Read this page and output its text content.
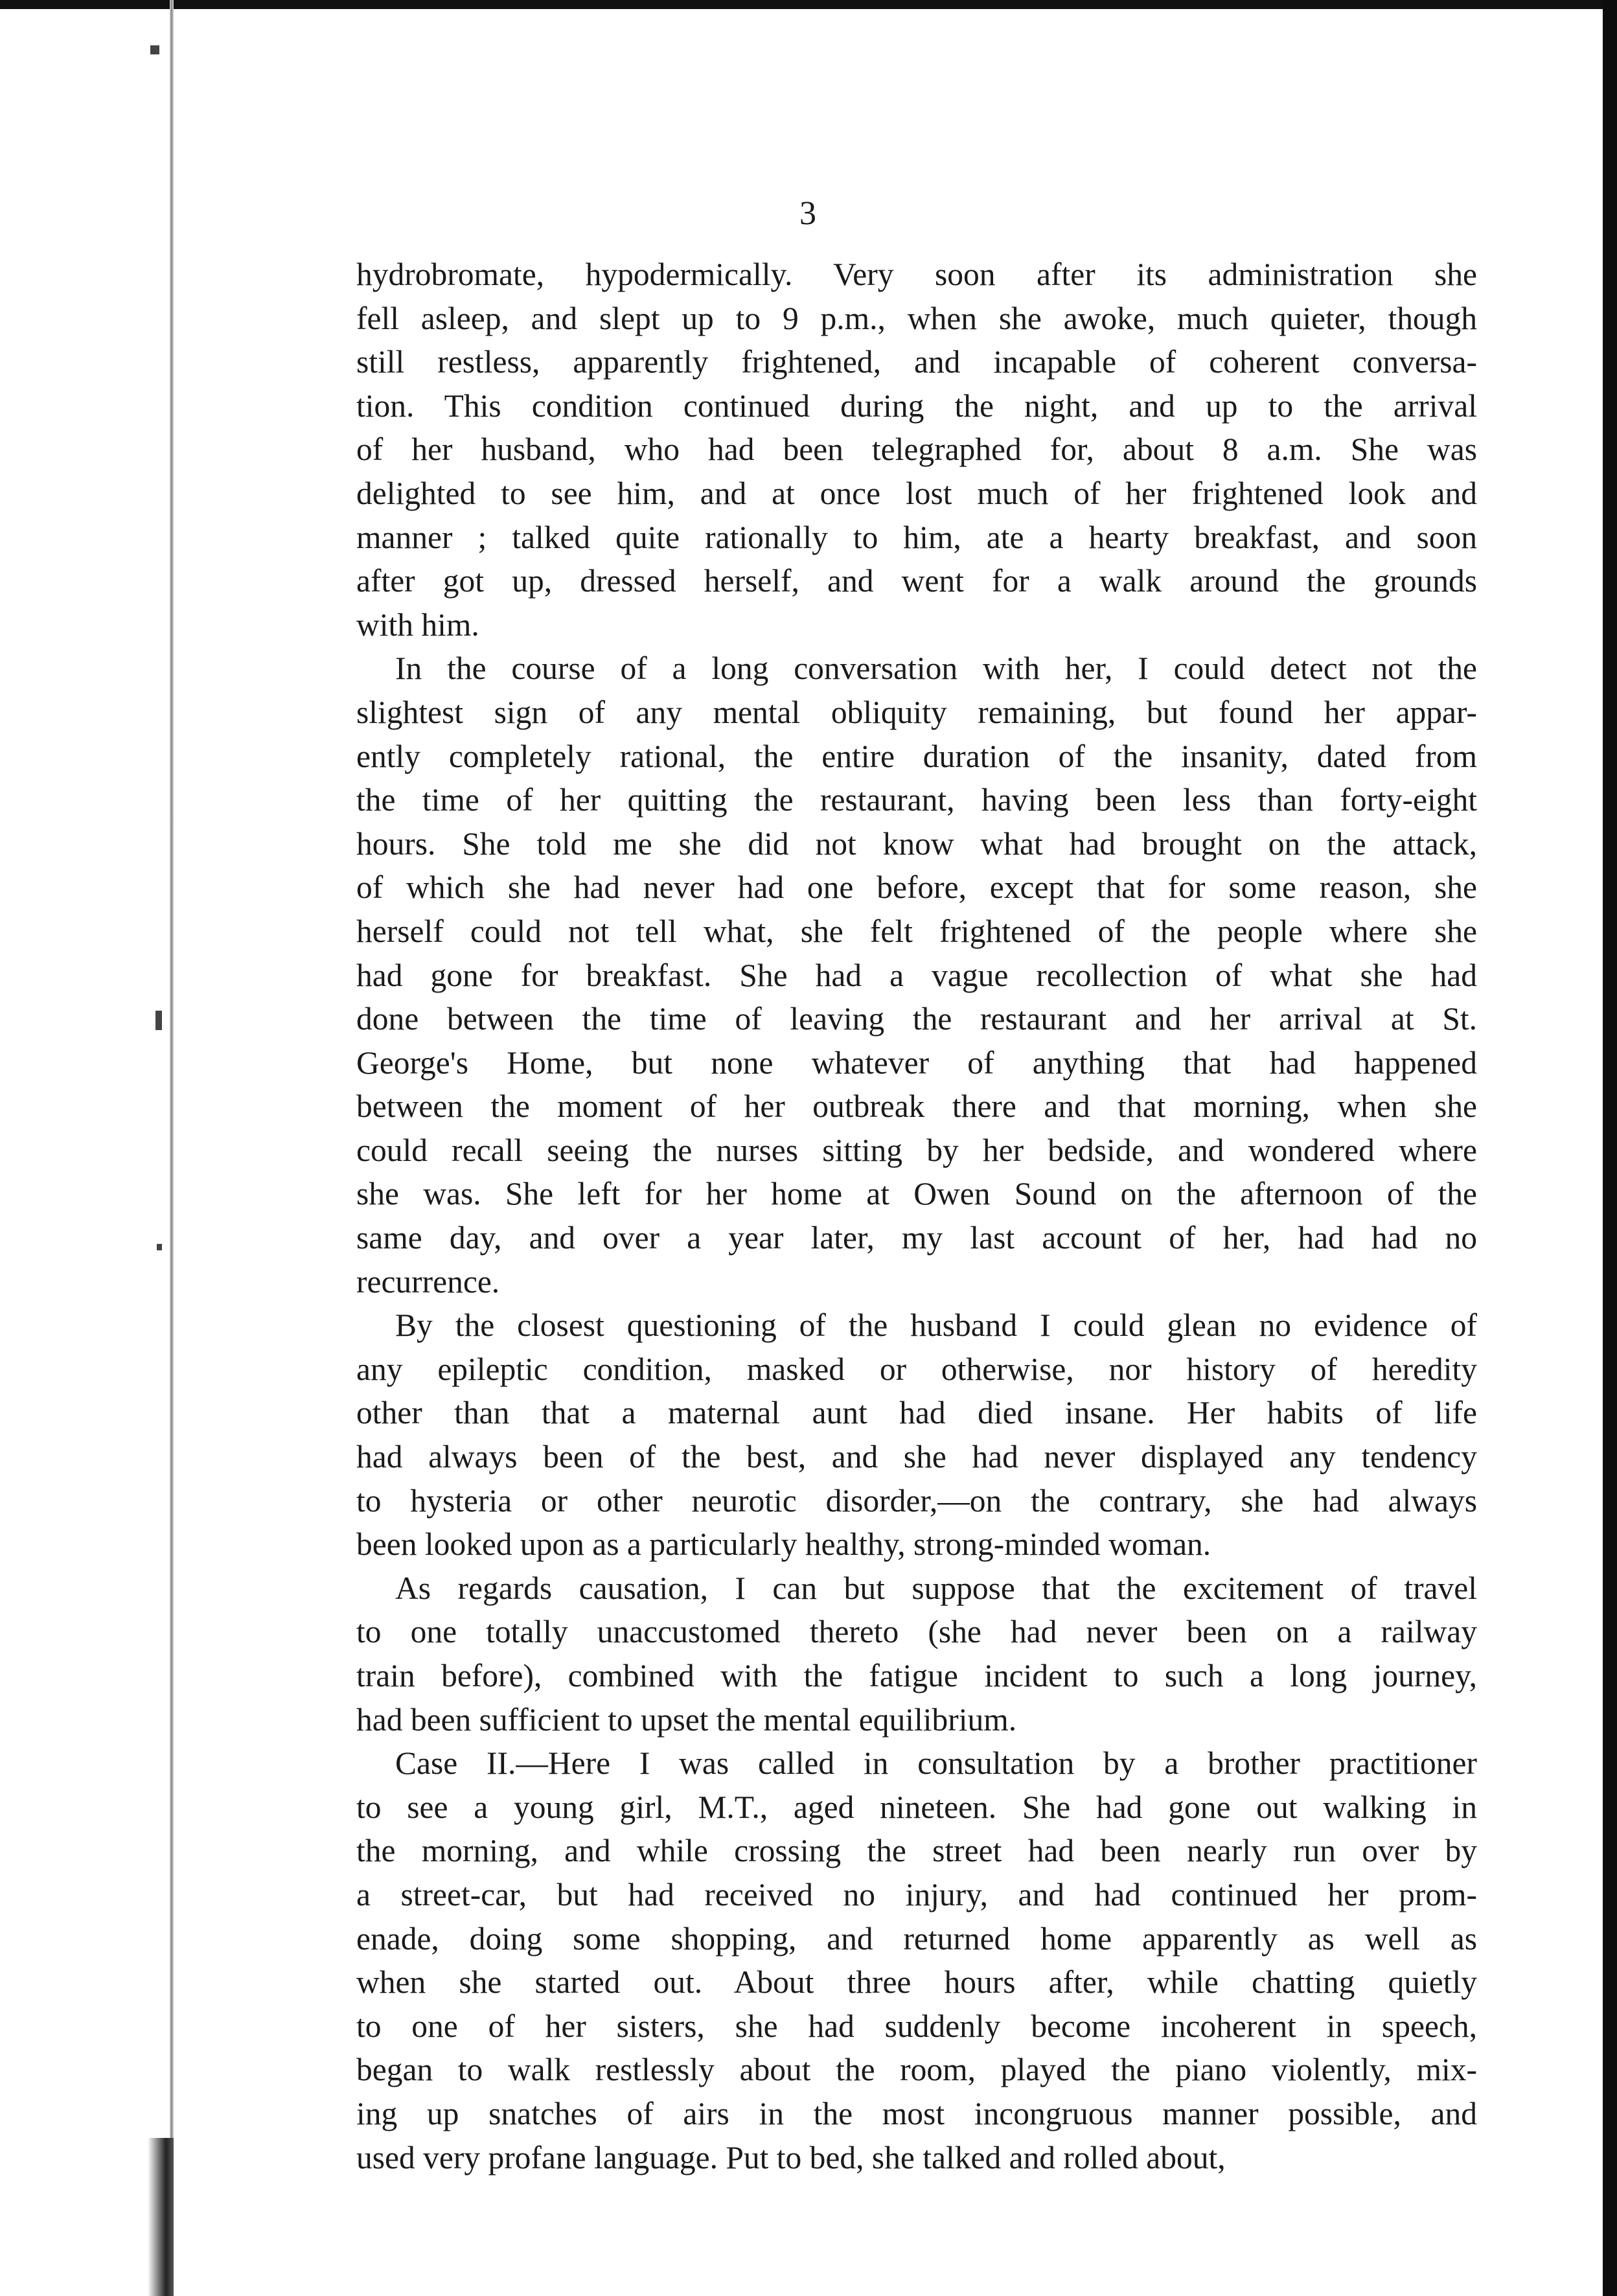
3

hydrobromate, hypodermically. Very soon after its administration she
fell asleep, and slept up to 9 p.m., when she awoke, much quieter, though
still restless, apparently frightened, and incapable of coherent conversa-
tion. This condition continued during the night, and up to the arrival
of her husband, who had been telegraphed for, about 8 a.m. She was
delighted to see him, and at once lost much of her frightened look and
manner ; talked quite rationally to him, ate a hearty breakfast, and soon
after got up, dressed herself, and went for a walk around the grounds
with him.

In the course of a long conversation with her, I could detect not the
slightest sign of any mental obliquity remaining, but found her appar-
ently completely rational, the entire duration of the insanity, dated from
the time of her quitting the restaurant, having been less than forty-eight
hours. She told me she did not know what had brought on the attack,
of which she had never had one before, except that for some reason, she
herself could not tell what, she felt frightened of the people where she
had gone for breakfast. She had a vague recollection of what she had
done between the time of leaving the restaurant and her arrival at St.
George's Home, but none whatever of anything that had happened
between the moment of her outbreak there and that morning, when she
could recall seeing the nurses sitting by her bedside, and wondered where
she was. She left for her home at Owen Sound on the afternoon of the
same day, and over a year later, my last account of her, had had no
recurrence.

By the closest questioning of the husband I could glean no evidence of
any epileptic condition, masked or otherwise, nor history of heredity
other than that a maternal aunt had died insane. Her habits of life
had always been of the best, and she had never displayed any tendency
to hysteria or other neurotic disorder,—on the contrary, she had always
been looked upon as a particularly healthy, strong-minded woman.

As regards causation, I can but suppose that the excitement of travel
to one totally unaccustomed thereto (she had never been on a railway
train before), combined with the fatigue incident to such a long journey,
had been sufficient to upset the mental equilibrium.

Case II.—Here I was called in consultation by a brother practitioner
to see a young girl, M.T., aged nineteen. She had gone out walking in
the morning, and while crossing the street had been nearly run over by
a street-car, but had received no injury, and had continued her prom-
enade, doing some shopping, and returned home apparently as well as
when she started out. About three hours after, while chatting quietly
to one of her sisters, she had suddenly become incoherent in speech,
began to walk restlessly about the room, played the piano violently, mix-
ing up snatches of airs in the most incongruous manner possible, and
used very profane language. Put to bed, she talked and rolled about,
